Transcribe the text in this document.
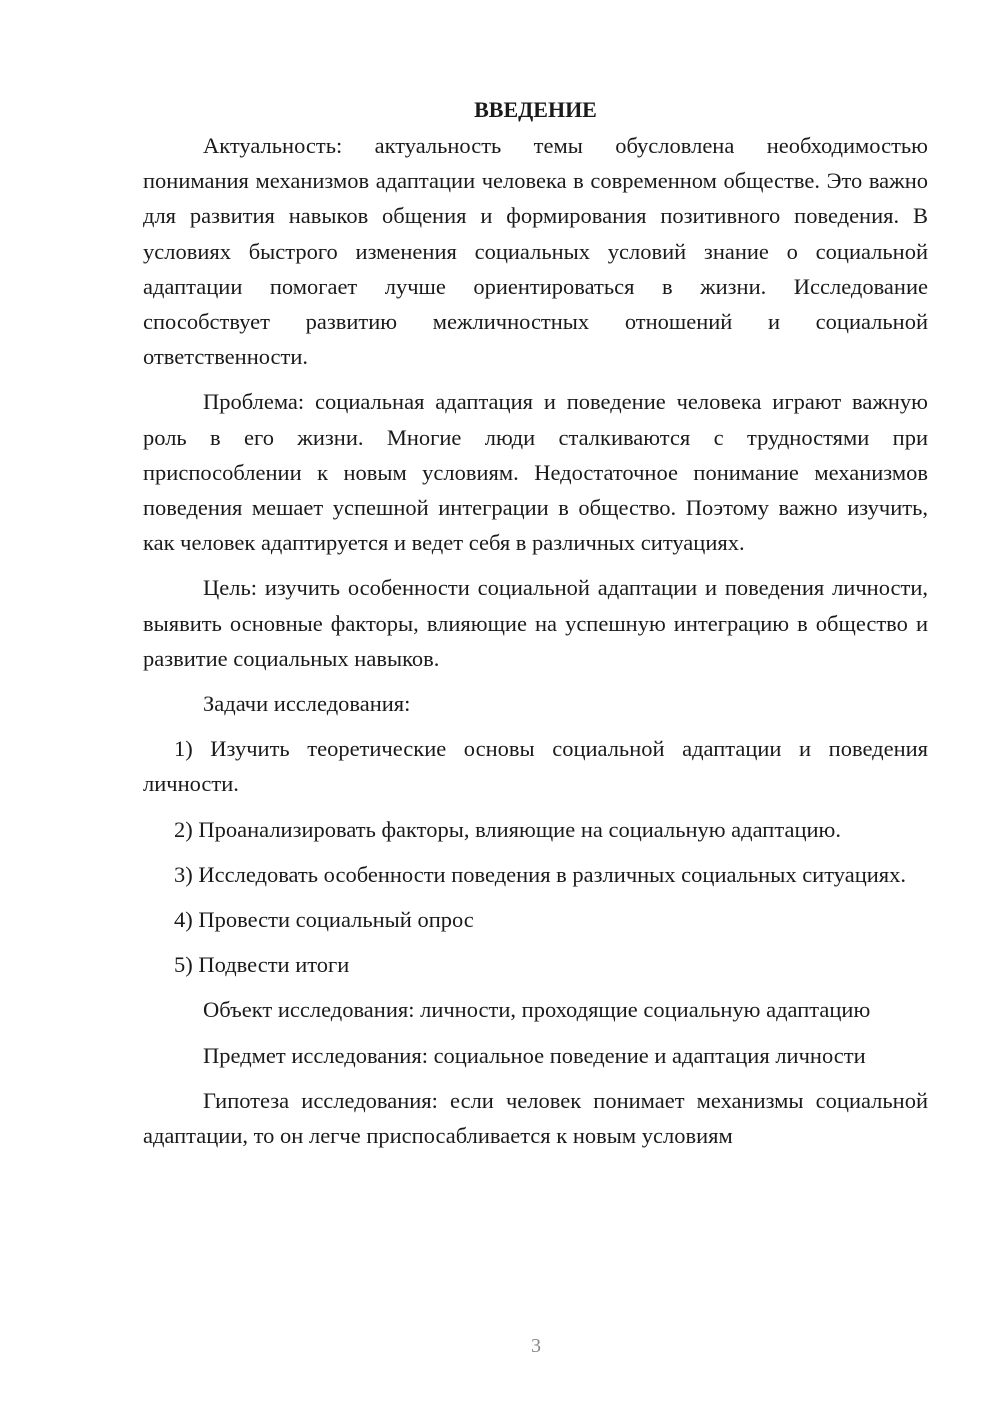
ВВЕДЕНИЕ

Актуальность: актуальность темы обусловлена необходимостью понимания механизмов адаптации человека в современном обществе. Это важно для развития навыков общения и формирования позитивного поведения. В условиях быстрого изменения социальных условий знание о социальной адаптации помогает лучше ориентироваться в жизни. Исследование способствует развитию межличностных отношений и социальной ответственности.

Проблема: социальная адаптация и поведение человека играют важную роль в его жизни. Многие люди сталкиваются с трудностями при приспособлении к новым условиям. Недостаточное понимание механизмов поведения мешает успешной интеграции в общество. Поэтому важно изучить, как человек адаптируется и ведет себя в различных ситуациях.

Цель: изучить особенности социальной адаптации и поведения личности, выявить основные факторы, влияющие на успешную интеграцию в общество и развитие социальных навыков.

Задачи исследования:

1) Изучить теоретические основы социальной адаптации и поведения личности.

2) Проанализировать факторы, влияющие на социальную адаптацию.

3) Исследовать особенности поведения в различных социальных ситуациях.

4) Провести социальный опрос

5) Подвести итоги

Объект исследования: личности, проходящие социальную адаптацию

Предмет исследования: социальное поведение и адаптация личности

Гипотеза исследования: если человек понимает механизмы социальной адаптации, то он легче приспосабливается к новым условиям

3
